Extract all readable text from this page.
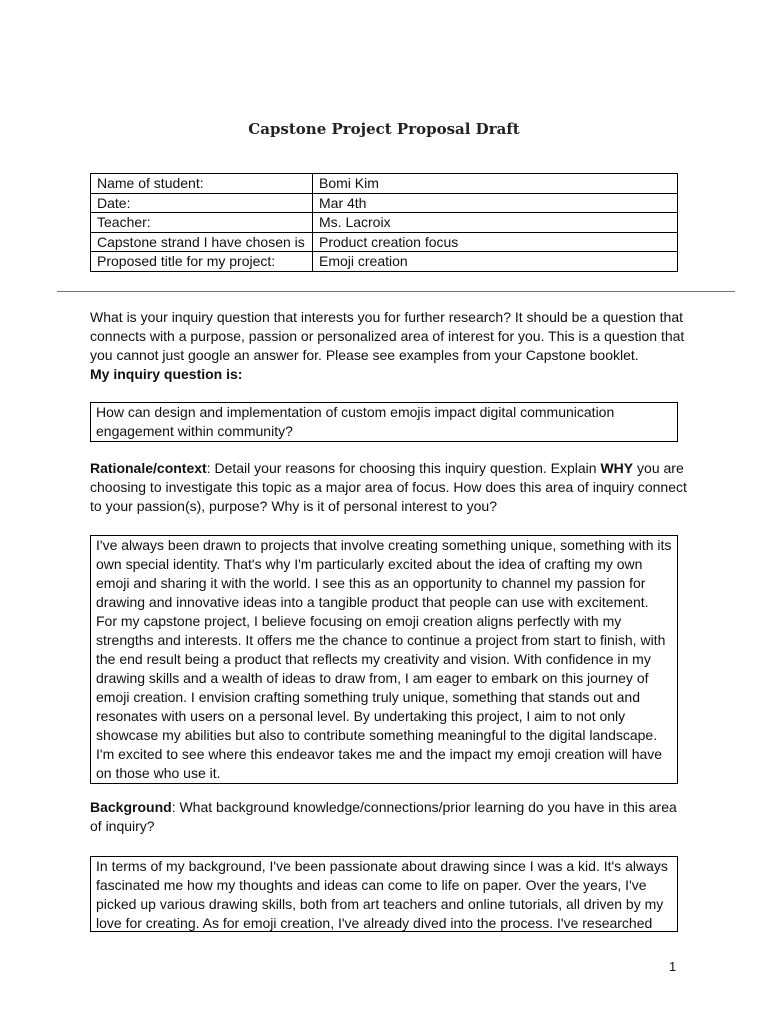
Capstone Project Proposal Draft
Name of student:	Bomi Kim
Date:	Mar 4th
Teacher:	Ms. Lacroix
Capstone strand I have chosen is	Product creation focus
Proposed title for my project:	Emoji creation
What is your inquiry question that interests you for further research? It should be a question that connects with a purpose, passion or personalized area of interest for you. This is a question that you cannot just google an answer for. Please see examples from your Capstone booklet.
My inquiry question is:
How can design and implementation of custom emojis impact digital communication engagement within community?
Rationale/context: Detail your reasons for choosing this inquiry question. Explain WHY you are choosing to investigate this topic as a major area of focus. How does this area of inquiry connect to your passion(s), purpose? Why is it of personal interest to you?
I've always been drawn to projects that involve creating something unique, something with its own special identity. That's why I'm particularly excited about the idea of crafting my own emoji and sharing it with the world. I see this as an opportunity to channel my passion for drawing and innovative ideas into a tangible product that people can use with excitement. For my capstone project, I believe focusing on emoji creation aligns perfectly with my strengths and interests. It offers me the chance to continue a project from start to finish, with the end result being a product that reflects my creativity and vision. With confidence in my drawing skills and a wealth of ideas to draw from, I am eager to embark on this journey of emoji creation. I envision crafting something truly unique, something that stands out and resonates with users on a personal level. By undertaking this project, I aim to not only showcase my abilities but also to contribute something meaningful to the digital landscape. I'm excited to see where this endeavor takes me and the impact my emoji creation will have on those who use it.
Background: What background knowledge/connections/prior learning do you have in this area of inquiry?
In terms of my background, I've been passionate about drawing since I was a kid. It's always fascinated me how my thoughts and ideas can come to life on paper. Over the years, I've picked up various drawing skills, both from art teachers and online tutorials, all driven by my love for creating. As for emoji creation, I've already dived into the process. I've researched
1
